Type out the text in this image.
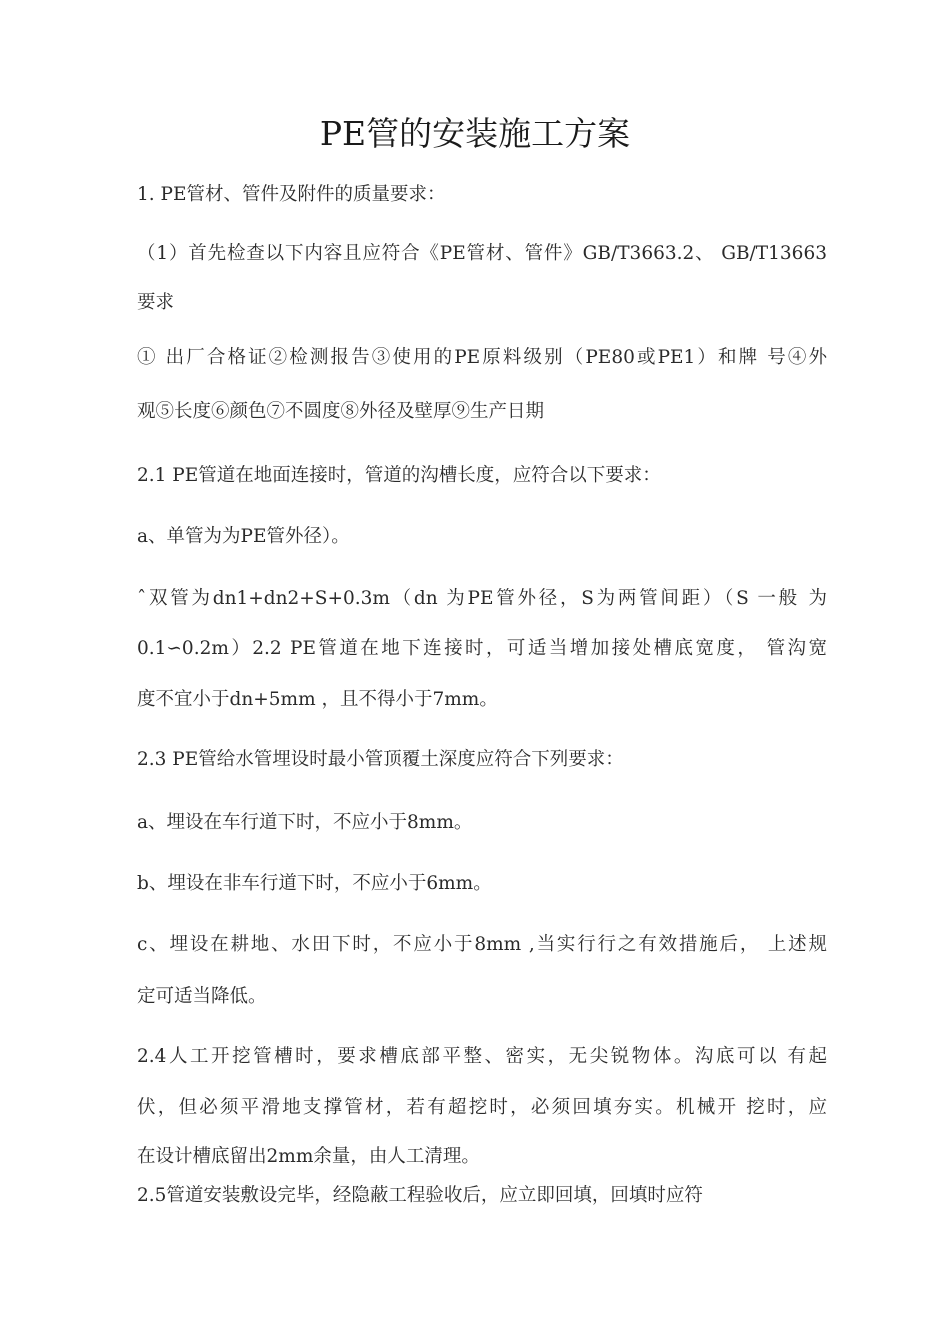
PE管的安装施工方案
1. PE管材、管件及附件的质量要求：
（1）首先检查以下内容且应符合《PE管材、管件》GB/T3663.2、 GB/T13663
要求
① 出厂合格证②检测报告③使用的PE原料级别（PE80或PE1）和牌 号④外
观⑤长度⑥颜色⑦不圆度⑧外径及壁厚⑨生产日期
2.1 PE管道在地面连接时，管道的沟槽长度，应符合以下要求：
a、单管为为PE管外径）。
ˆ双管为dn1+dn2+S+0.3m（dn 为PE管外径，S为两管间距）（S 一般 为
0.1∽0.2m）2.2 PE管道在地下连接时，可适当增加接处槽底宽度， 管沟宽
度不宜小于dn+5mm ，且不得小于7mm。
2.3 PE管给水管埋设时最小管顶覆土深度应符合下列要求：
a、埋设在车行道下时，不应小于8mm。
b、埋设在非车行道下时，不应小于6mm。
c、埋设在耕地、水田下时，不应小于8mm ,当实行行之有效措施后， 上述规
定可适当降低。
2.4人工开挖管槽时，要求槽底部平整、密实，无尖锐物体。沟底可以 有起
伏，但必须平滑地支撑管材，若有超挖时，必须回填夯实。机械开 挖时，应
在设计槽底留出2mm余量，由人工清理。
2.5管道安装敷设完毕，经隐蔽工程验收后，应立即回填，回填时应符
